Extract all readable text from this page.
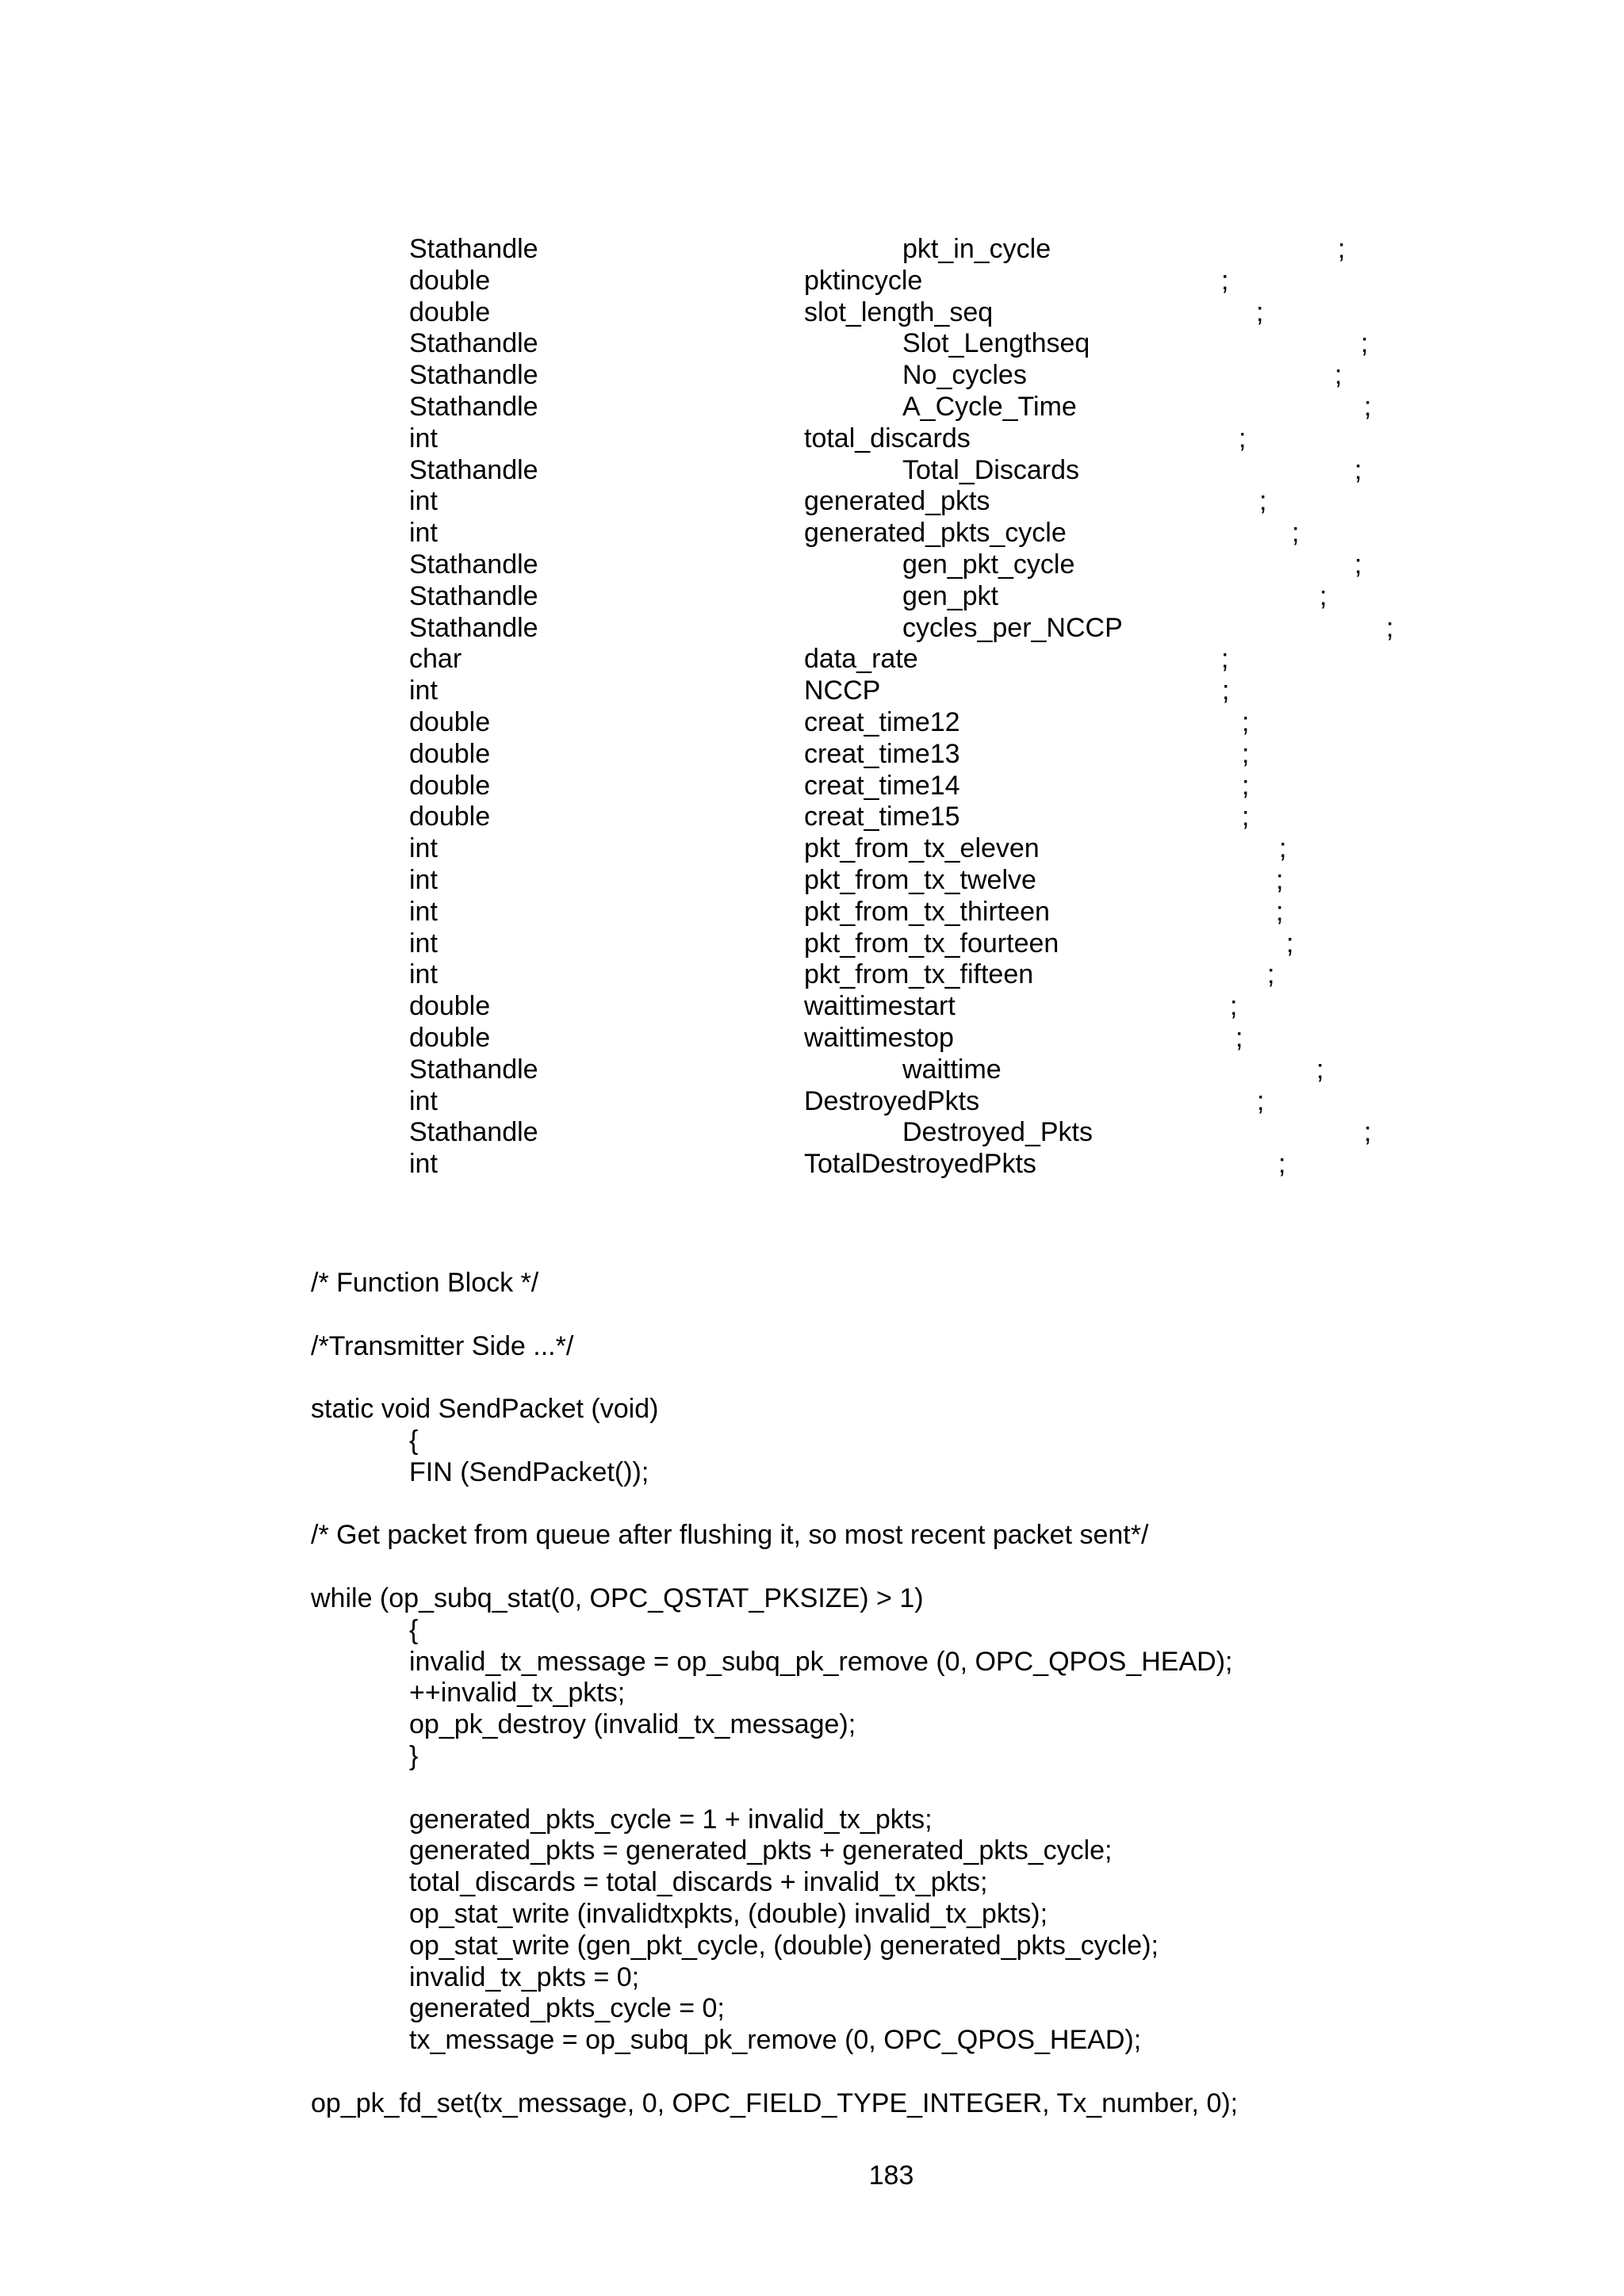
Stathandle	pkt_in_cycle	;
double	pktincycle	;
double	slot_length_seq	;
Stathandle	Slot_Lengthseq	;
Stathandle	No_cycles	;
Stathandle	A_Cycle_Time	;
int	total_discards	;
Stathandle	Total_Discards	;
int	generated_pkts	;
int	generated_pkts_cycle	;
Stathandle	gen_pkt_cycle	;
Stathandle	gen_pkt	;
Stathandle	cycles_per_NCCP	;
char	data_rate	;
int	NCCP	;
double	creat_time12	;
double	creat_time13	;
double	creat_time14	;
double	creat_time15	;
int	pkt_from_tx_eleven	;
int	pkt_from_tx_twelve	;
int	pkt_from_tx_thirteen	;
int	pkt_from_tx_fourteen	;
int	pkt_from_tx_fifteen	;
double	waittimestart	;
double	waittimestop	;
Stathandle	waittime	;
int	DestroyedPkts	;
Stathandle	Destroyed_Pkts	;
int	TotalDestroyedPkts	;
/* Function Block */
/*Transmitter Side ...*/
static void SendPacket (void)
{
FIN (SendPacket());
/* Get packet from queue after flushing it, so most recent packet sent*/
while (op_subq_stat(0, OPC_QSTAT_PKSIZE) > 1)
{
invalid_tx_message = op_subq_pk_remove (0, OPC_QPOS_HEAD);
++invalid_tx_pkts;
op_pk_destroy (invalid_tx_message);
}
generated_pkts_cycle = 1 + invalid_tx_pkts;
generated_pkts = generated_pkts + generated_pkts_cycle;
total_discards = total_discards + invalid_tx_pkts;
op_stat_write (invalidtxpkts, (double) invalid_tx_pkts);
op_stat_write (gen_pkt_cycle, (double) generated_pkts_cycle);
invalid_tx_pkts = 0;
generated_pkts_cycle = 0;
tx_message = op_subq_pk_remove (0, OPC_QPOS_HEAD);
op_pk_fd_set(tx_message, 0, OPC_FIELD_TYPE_INTEGER, Tx_number, 0);
183
